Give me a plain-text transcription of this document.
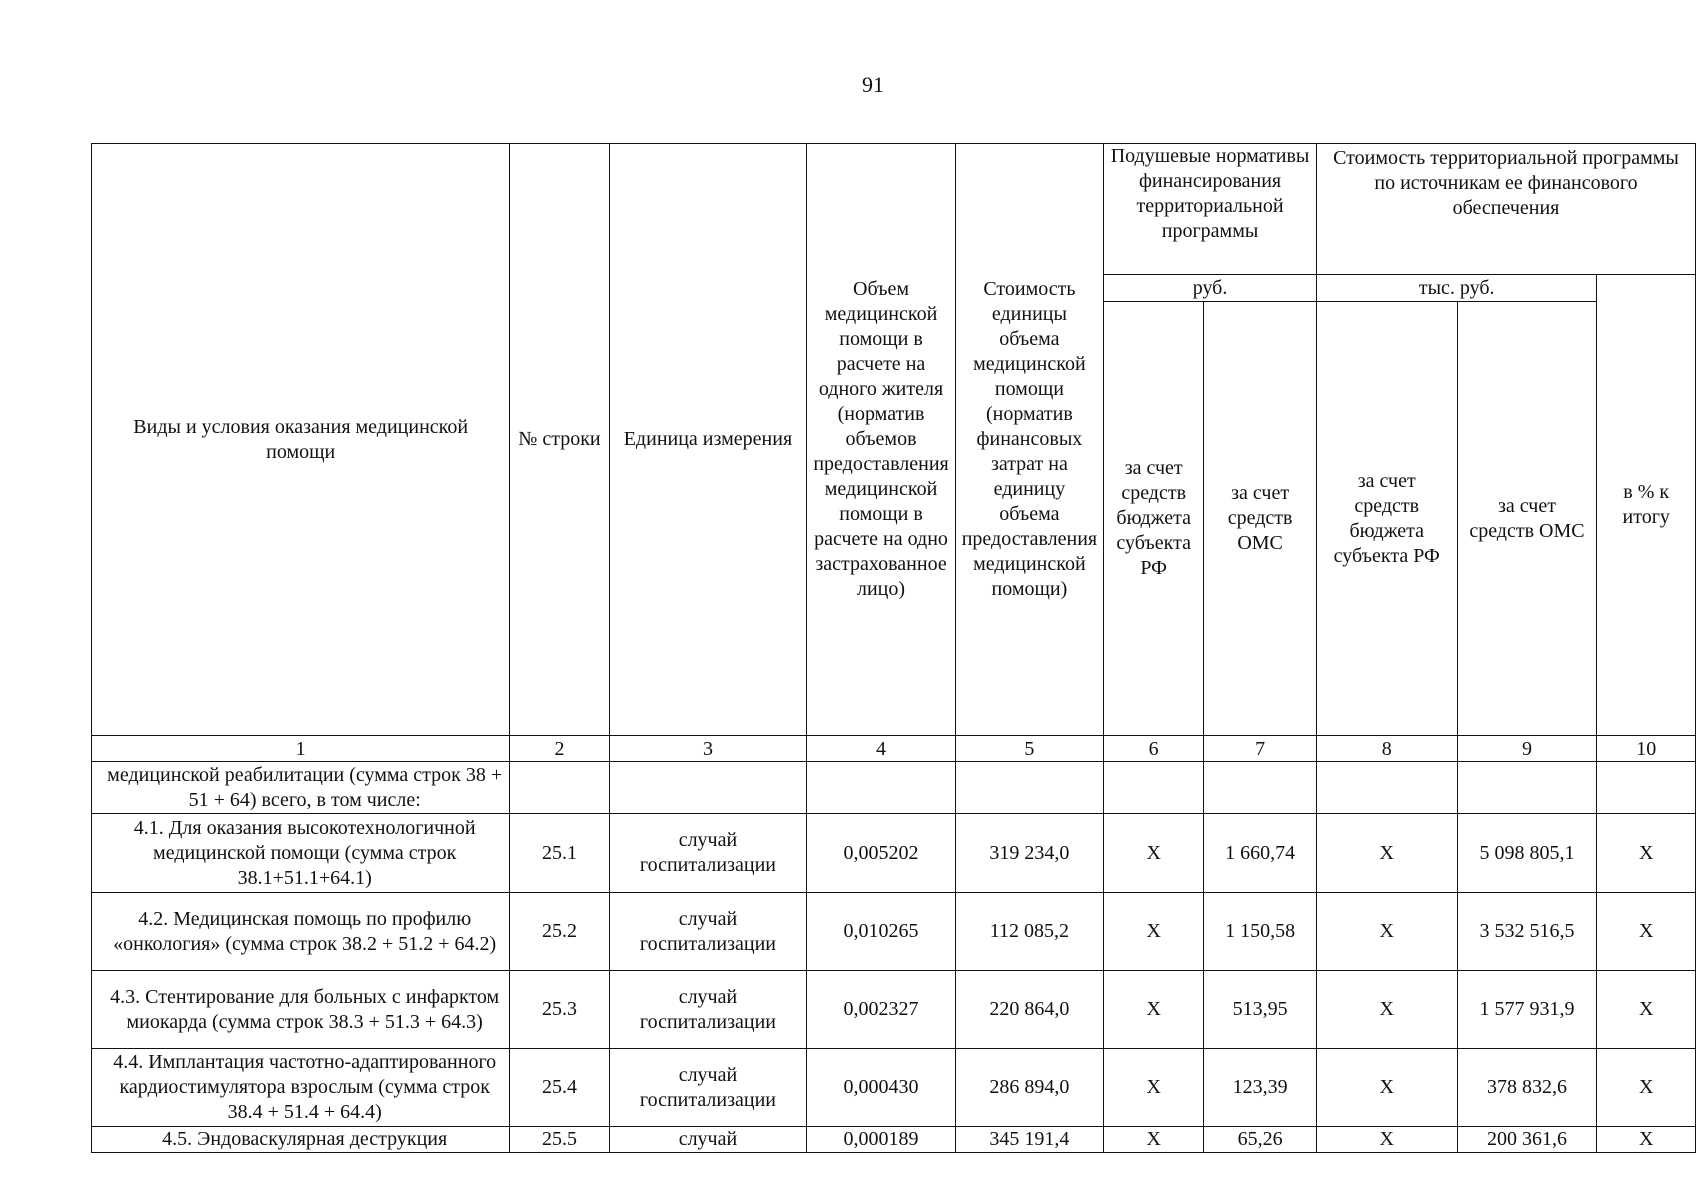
91
Виды и условия оказания медицинской помощи	№ строки	Единица измерения	Объем медицинской помощи в расчете на одного жителя (норматив объемов предоставления медицинской помощи в расчете на одно застрахованное лицо)	Стоимость единицы объема медицинской помощи (норматив финансовых затрат на единицу объема предоставления медицинской помощи)	Подушевые нормативы финансирования территориальной программы		Стоимость территориальной программы по источникам ее финансового обеспечения		
					руб.		тыс. руб.		в % к итогу
					за счет средств бюджета субъекта РФ	за счет средств ОМС	за счет средств бюджета субъекта РФ	за счет средств ОМС	
1	2	3	4	5	6	7	8	9	10
медицинской реабилитации (сумма строк 38 + 51 + 64) всего, в том числе:									
4.1. Для оказания высокотехнологичной медицинской помощи (сумма строк 38.1+51.1+64.1)	25.1	случай госпитализации	0,005202	319 234,0	Х	1 660,74	Х	5 098 805,1	Х
4.2. Медицинская помощь по профилю «онкология» (сумма строк 38.2 + 51.2 + 64.2)	25.2	случай госпитализации	0,010265	112 085,2	Х	1 150,58	Х	3 532 516,5	Х
4.3. Стентирование для больных с инфарктом миокарда (сумма строк 38.3 + 51.3 + 64.3)	25.3	случай госпитализации	0,002327	220 864,0	Х	513,95	Х	1 577 931,9	Х
4.4. Имплантация частотно-адаптированного кардиостимулятора взрослым (сумма строк 38.4 + 51.4 + 64.4)	25.4	случай госпитализации	0,000430	286 894,0	Х	123,39	Х	378 832,6	Х
4.5. Эндоваскулярная деструкция	25.5	случай	0,000189	345 191,4	Х	65,26	Х	200 361,6	Х
